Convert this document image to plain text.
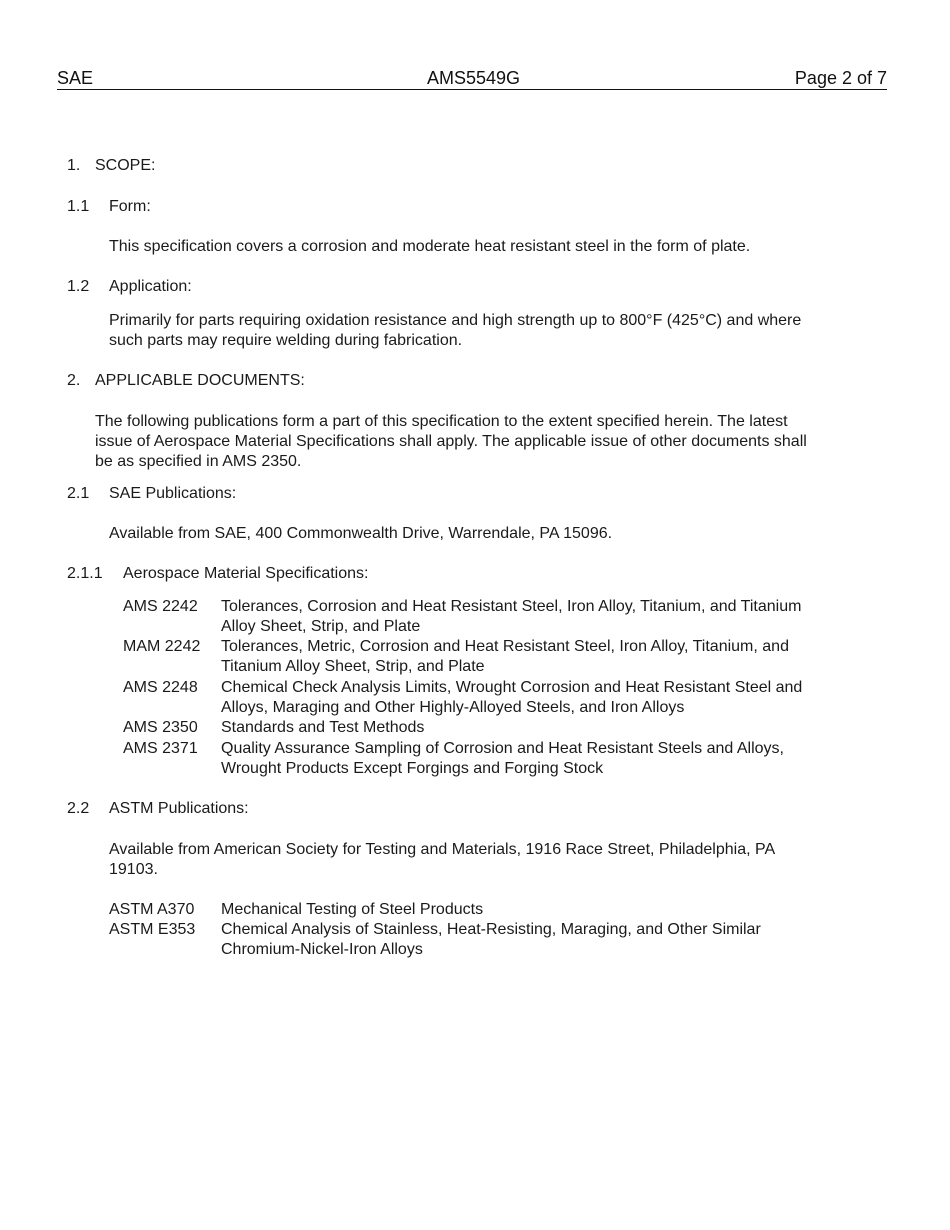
SAE	AMS5549G	Page 2 of 7
1. SCOPE:
1.1 Form:
This specification covers a corrosion and moderate heat resistant steel in the form of plate.
1.2 Application:
Primarily for parts requiring oxidation resistance and high strength up to 800°F (425°C) and where
such parts may require welding during fabrication.
2. APPLICABLE DOCUMENTS:
The following publications form a part of this specification to the extent specified herein. The latest
issue of Aerospace Material Specifications shall apply. The applicable issue of other documents shall
be as specified in AMS 2350.
2.1 SAE Publications:
Available from SAE, 400 Commonwealth Drive, Warrendale, PA 15096.
2.1.1 Aerospace Material Specifications:
AMS 2242 Tolerances, Corrosion and Heat Resistant Steel, Iron Alloy, Titanium, and Titanium
Alloy Sheet, Strip, and Plate
MAM 2242 Tolerances, Metric, Corrosion and Heat Resistant Steel, Iron Alloy, Titanium, and
Titanium Alloy Sheet, Strip, and Plate
AMS 2248 Chemical Check Analysis Limits, Wrought Corrosion and Heat Resistant Steel and
Alloys, Maraging and Other Highly-Alloyed Steels, and Iron Alloys
AMS 2350 Standards and Test Methods
AMS 2371 Quality Assurance Sampling of Corrosion and Heat Resistant Steels and Alloys,
Wrought Products Except Forgings and Forging Stock
2.2 ASTM Publications:
Available from American Society for Testing and Materials, 1916 Race Street, Philadelphia, PA
19103.
ASTM A370 Mechanical Testing of Steel Products
ASTM E353 Chemical Analysis of Stainless, Heat-Resisting, Maraging, and Other Similar
Chromium-Nickel-Iron Alloys
